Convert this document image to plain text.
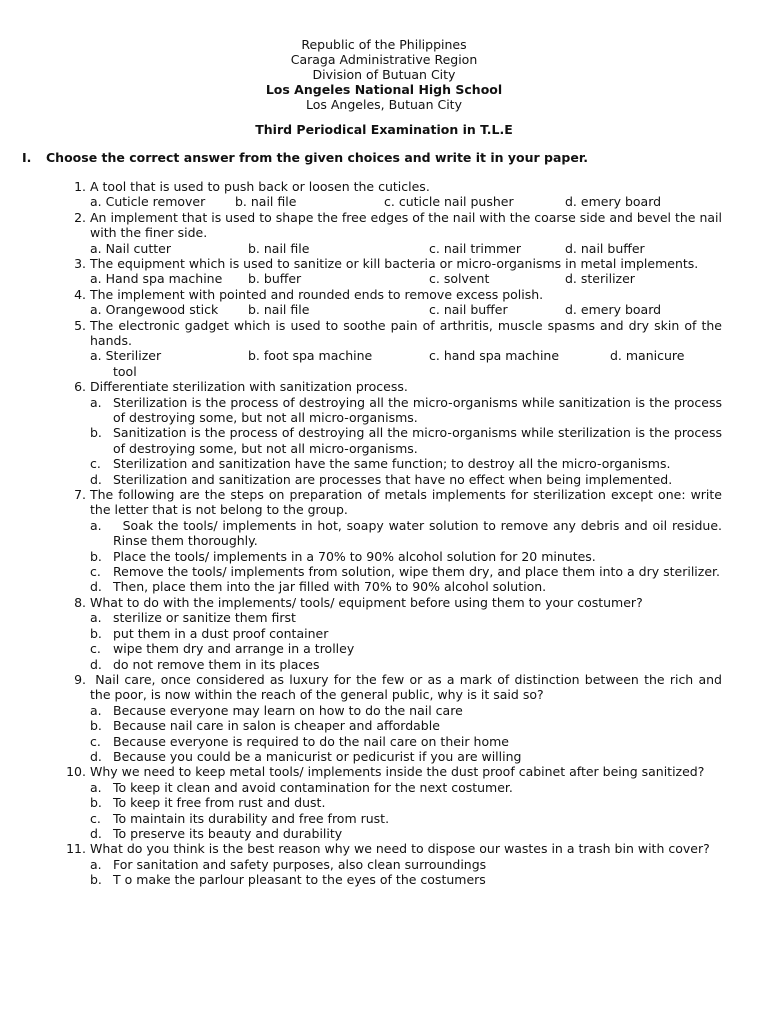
Republic of the Philippines
Caraga Administrative Region
Division of Butuan City
Los Angeles National High School
Los Angeles, Butuan City
Third Periodical Examination in T.L.E
I. Choose the correct answer from the given choices and write it in your paper.
1. A tool that is used to push back or loosen the cuticles.
a. Cuticle remover b. nail file	c. cuticle nail pusher	d. emery board
2. An implement that is used to shape the free edges of the nail with the coarse side and bevel the nail with the finer side.
a. Nail cutter	b. nail file	c. nail trimmer	d. nail buffer
3. The equipment which is used to sanitize or kill bacteria or micro-organisms in metal implements.
a. Hand spa machine b. buffer	c. solvent	d. sterilizer
4. The implement with pointed and rounded ends to remove excess polish.
a. Orangewood stick b. nail file	c. nail buffer	d. emery board
5. The electronic gadget which is used to soothe pain of arthritis, muscle spasms and dry skin of the hands.
a. Sterilizer	b. foot spa machine	c. hand spa machine	d. manicure
tool
6. Differentiate sterilization with sanitization process.
a. Sterilization is the process of destroying all the micro-organisms while sanitization is the process of destroying some, but not all micro-organisms.
b. Sanitization is the process of destroying all the micro-organisms while sterilization is the process of destroying some, but not all micro-organisms.
c. Sterilization and sanitization have the same function; to destroy all the micro-organisms.
d. Sterilization and sanitization are processes that have no effect when being implemented.
7. The following are the steps on preparation of metals implements for sterilization except one: write the letter that is not belong to the group.
a. Soak the tools/ implements in hot, soapy water solution to remove any debris and oil residue. Rinse them thoroughly.
b. Place the tools/ implements in a 70% to 90% alcohol solution for 20 minutes.
c. Remove the tools/ implements from solution, wipe them dry, and place them into a dry sterilizer.
d. Then, place them into the jar filled with 70% to 90% alcohol solution.
8. What to do with the implements/ tools/ equipment before using them to your costumer?
a. sterilize or sanitize them first
b. put them in a dust proof container
c. wipe them dry and arrange in a trolley
d. do not remove them in its places
9. Nail care, once considered as luxury for the few or as a mark of distinction between the rich and the poor, is now within the reach of the general public, why is it said so?
a. Because everyone may learn on how to do the nail care
b. Because nail care in salon is cheaper and affordable
c. Because everyone is required to do the nail care on their home
d. Because you could be a manicurist or pedicurist if you are willing
10. Why we need to keep metal tools/ implements inside the dust proof cabinet after being sanitized?
a. To keep it clean and avoid contamination for the next costumer.
b. To keep it free from rust and dust.
c. To maintain its durability and free from rust.
d. To preserve its beauty and durability
11. What do you think is the best reason why we need to dispose our wastes in a trash bin with cover?
a. For sanitation and safety purposes, also clean surroundings
b. T o make the parlour pleasant to the eyes of the costumers
